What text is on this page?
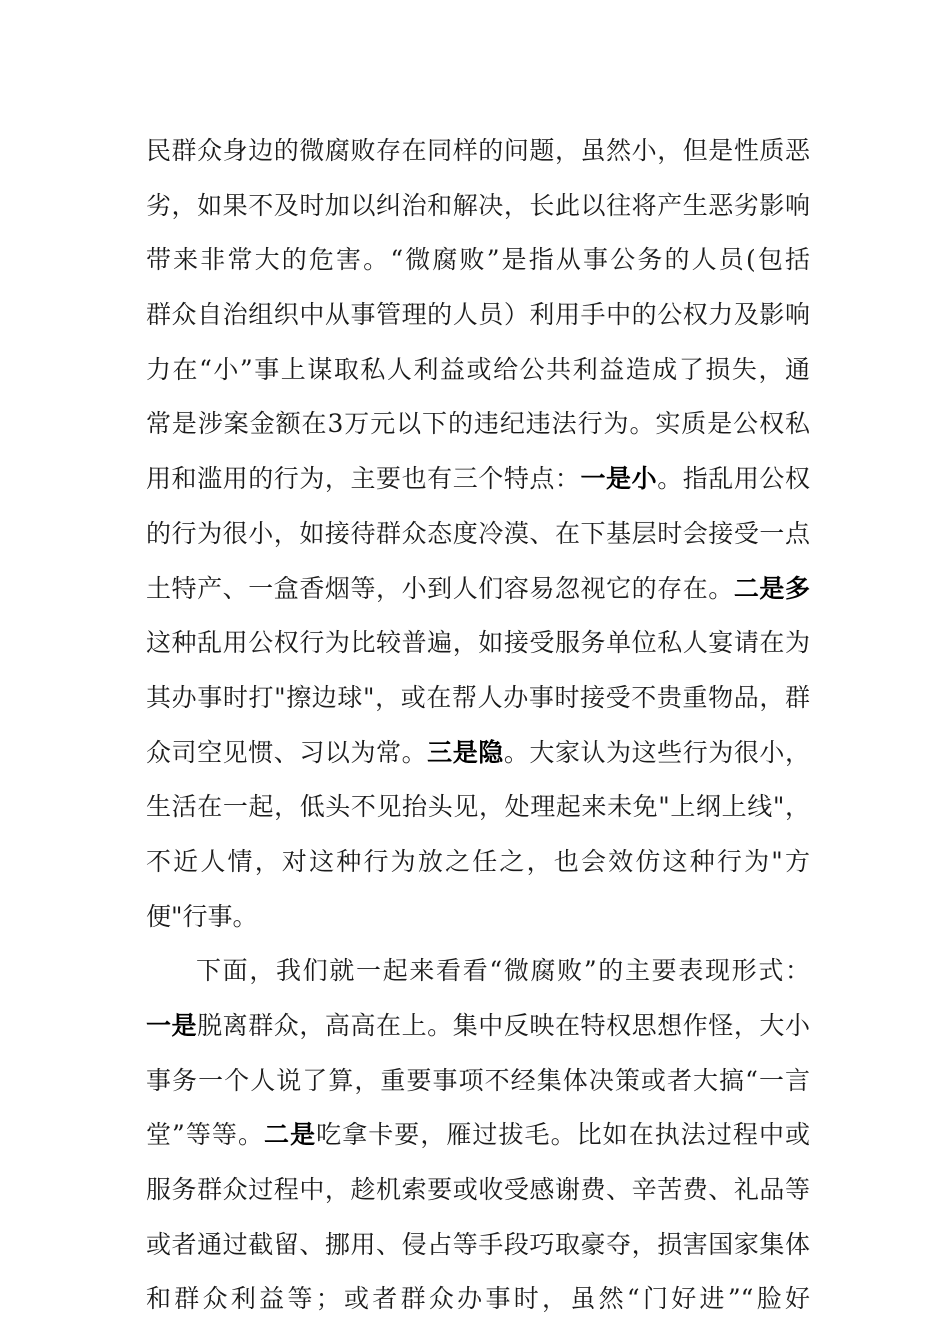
民群众身边的微腐败存在同样的问题，虽然小，但是性质恶
劣，如果不及时加以纠治和解决，长此以往将产生恶劣影响
带来非常大的危害。“微腐败”是指从事公务的人员(包括
群众自治组织中从事管理的人员）利用手中的公权力及影响
力在“小”事上谋取私人利益或给公共利益造成了损失，通
常是涉案金额在3万元以下的违纪违法行为。实质是公权私
用和滥用的行为，主要也有三个特点：一是小。指乱用公权
的行为很小，如接待群众态度冷漠、在下基层时会接受一点
土特产、一盒香烟等，小到人们容易忽视它的存在。二是多
这种乱用公权行为比较普遍，如接受服务单位私人宴请在为
其办事时打"擦边球"，或在帮人办事时接受不贵重物品，群
众司空见惯、习以为常。三是隐。大家认为这些行为很小，
生活在一起，低头不见抬头见，处理起来未免"上纲上线"，
不近人情，对这种行为放之任之，也会效仿这种行为"方
便"行事。
下面，我们就一起来看看“微腐败”的主要表现形式：
一是脱离群众，高高在上。集中反映在特权思想作怪，大小
事务一个人说了算，重要事项不经集体决策或者大搞“一言
堂”等等。二是吃拿卡要，雁过拔毛。比如在执法过程中或
服务群众过程中，趁机索要或收受感谢费、辛苦费、礼品等
或者通过截留、挪用、侵占等手段巧取豪夺，损害国家集体
和群众利益等；或者群众办事时，虽然“门好进”“脸好
